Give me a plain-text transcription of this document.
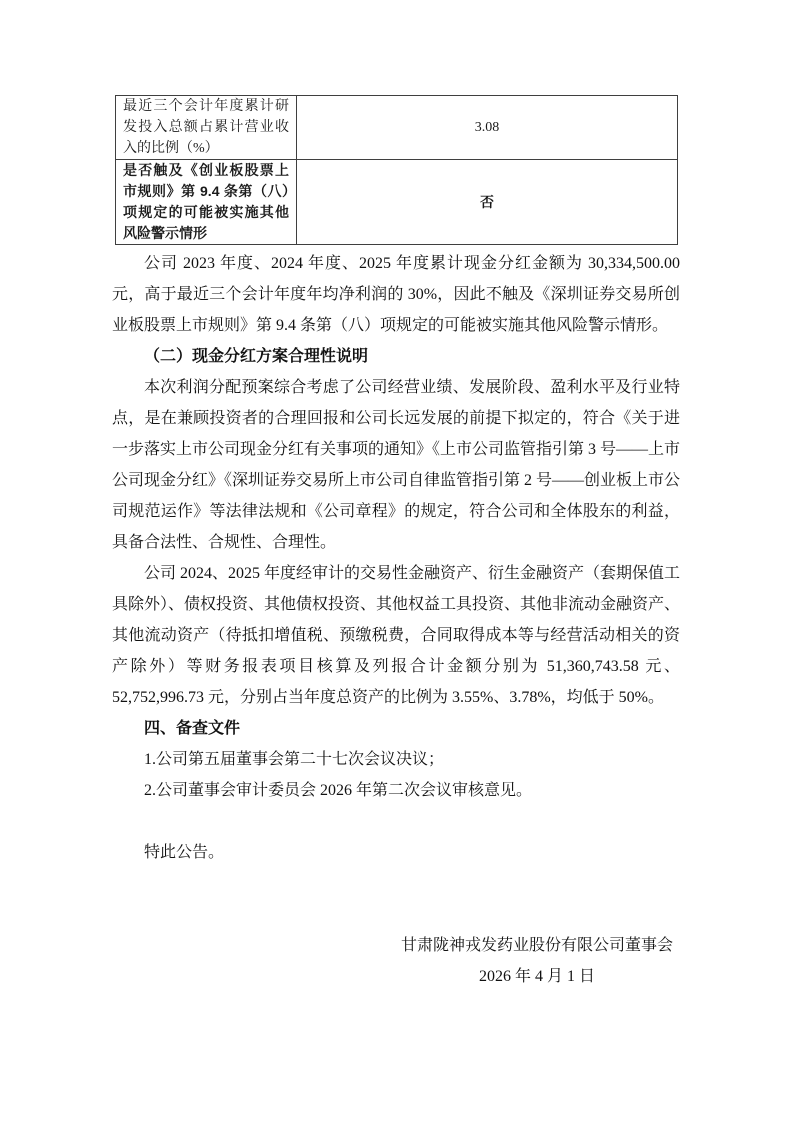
最近三个会计年度累计研发投入总额占累计营业收入的比例（%）	3.08
是否触及《创业板股票上市规则》第 9.4 条第（八）项规定的可能被实施其他风险警示情形	否

公司 2023 年度、2024 年度、2025 年度累计现金分红金额为 30,334,500.00 元，高于最近三个会计年度年均净利润的 30%，因此不触及《深圳证券交易所创业板股票上市规则》第 9.4 条第（八）项规定的可能被实施其他风险警示情形。

（二）现金分红方案合理性说明

本次利润分配预案综合考虑了公司经营业绩、发展阶段、盈利水平及行业特点，是在兼顾投资者的合理回报和公司长远发展的前提下拟定的，符合《关于进一步落实上市公司现金分红有关事项的通知》《上市公司监管指引第 3 号——上市公司现金分红》《深圳证券交易所上市公司自律监管指引第 2 号——创业板上市公司规范运作》等法律法规和《公司章程》的规定，符合公司和全体股东的利益，具备合法性、合规性、合理性。

公司 2024、2025 年度经审计的交易性金融资产、衍生金融资产（套期保值工具除外）、债权投资、其他债权投资、其他权益工具投资、其他非流动金融资产、其他流动资产（待抵扣增值税、预缴税费，合同取得成本等与经营活动相关的资产除外）等财务报表项目核算及列报合计金额分别为 51,360,743.58 元、52,752,996.73 元，分别占当年度总资产的比例为 3.55%、3.78%，均低于 50%。

四、备查文件

1.公司第五届董事会第二十七次会议决议；

2.公司董事会审计委员会 2026 年第二次会议审核意见。

特此公告。

甘肃陇神戎发药业股份有限公司董事会
2026 年 4 月 1 日
